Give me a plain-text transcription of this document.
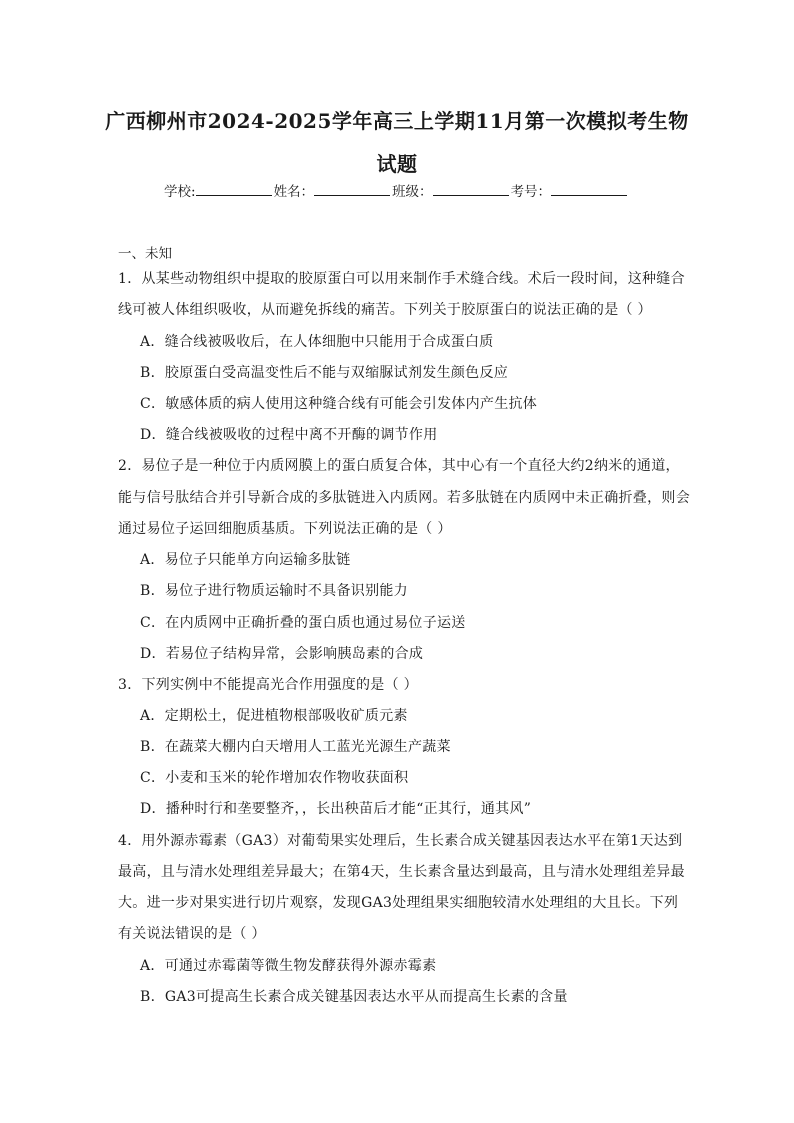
广西柳州市2024-2025学年高三上学期11月第一次模拟考生物
试题
学校:	姓名：	班级：	考号：
一、未知
1．从某些动物组织中提取的胶原蛋白可以用来制作手术缝合线。术后一段时间，这种缝合
线可被人体组织吸收，从而避免拆线的痛苦。下列关于胶原蛋白的说法正确的是（ ）
A．缝合线被吸收后，在人体细胞中只能用于合成蛋白质
B．胶原蛋白受高温变性后不能与双缩脲试剂发生颜色反应
C．敏感体质的病人使用这种缝合线有可能会引发体内产生抗体
D．缝合线被吸收的过程中离不开酶的调节作用
2．易位子是一种位于内质网膜上的蛋白质复合体，其中心有一个直径大约2纳米的通道，
能与信号肽结合并引导新合成的多肽链进入内质网。若多肽链在内质网中未正确折叠，则会
通过易位子运回细胞质基质。下列说法正确的是（ ）
A．易位子只能单方向运输多肽链
B．易位子进行物质运输时不具备识别能力
C．在内质网中正确折叠的蛋白质也通过易位子运送
D．若易位子结构异常，会影响胰岛素的合成
3．下列实例中不能提高光合作用强度的是（ ）
A．定期松土，促进植物根部吸收矿质元素
B．在蔬菜大棚内白天增用人工蓝光光源生产蔬菜
C．小麦和玉米的轮作增加农作物收获面积
D．播种时行和垄要整齐，，长出秧苗后才能“正其行，通其风”
4．用外源赤霉素（GA3）对葡萄果实处理后，生长素合成关键基因表达水平在第1天达到
最高，且与清水处理组差异最大；在第4天，生长素含量达到最高，且与清水处理组差异最
大。进一步对果实进行切片观察，发现GA3处理组果实细胞较清水处理组的大且长。下列
有关说法错误的是（ ）
A．可通过赤霉菌等微生物发酵获得外源赤霉素
B．GA3可提高生长素合成关键基因表达水平从而提高生长素的含量
